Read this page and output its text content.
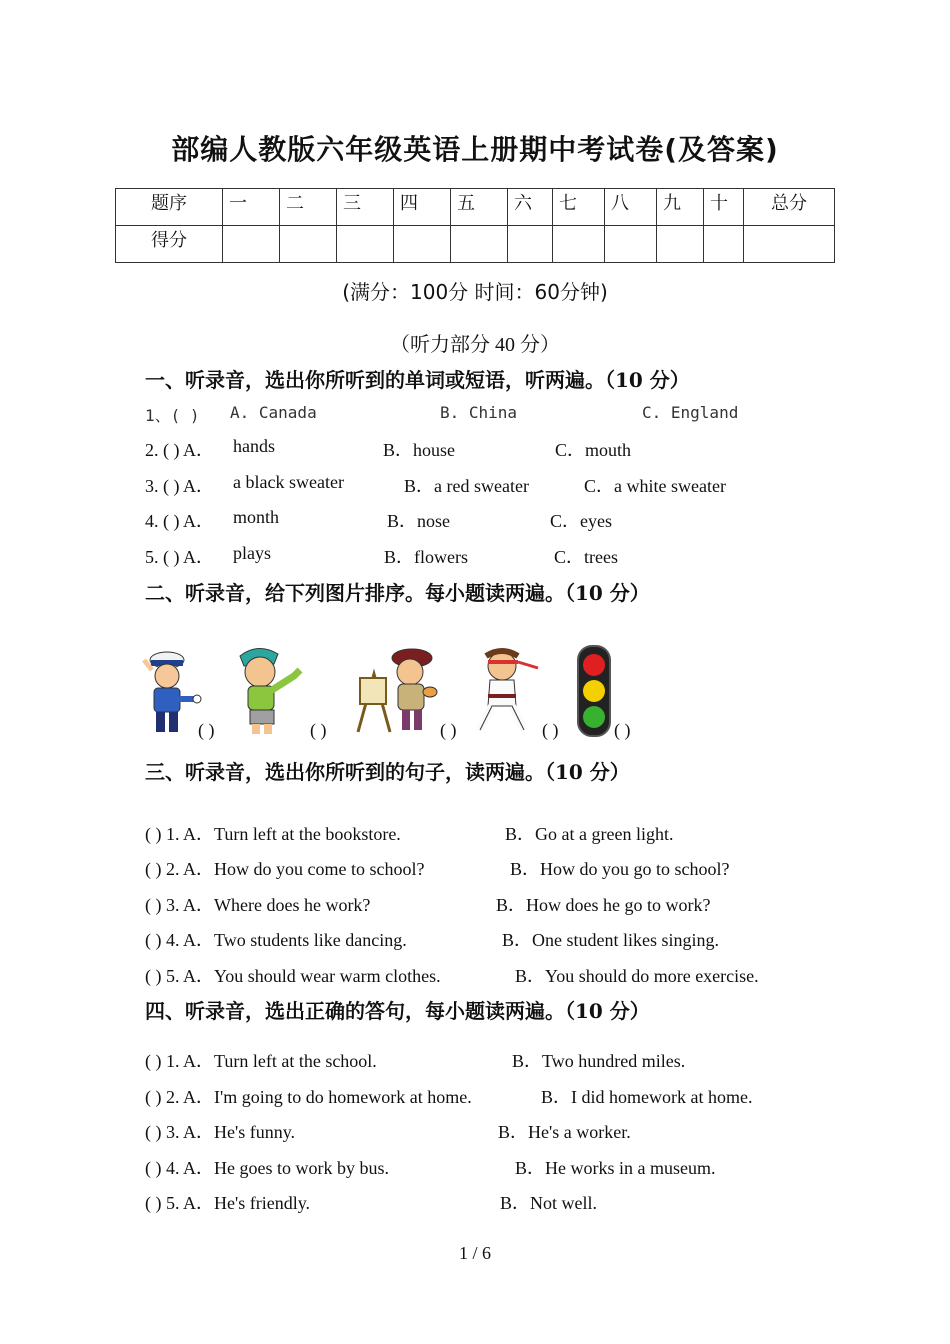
部编人教版六年级英语上册期中考试卷(及答案)
题序	一	二	三	四	五	六	七	八	九	十	总分
得分											
(满分：100分 时间：60分钟)
（听力部分 40 分）
一、听录音，选出你所听到的单词或短语，听两遍。（10 分）
1、( ) A. Canada	B. China	C. England
2. ( ) A． hands	B．house	C．mouth
3. ( ) A． a black sweater	B．a red sweater	C．a white sweater
4. ( ) A． month	B．nose	C．eyes
5. ( ) A． plays	B．flowers	C．trees
二、听录音，给下列图片排序。每小题读两遍。（10 分）
( )	( )	( )	( )	( )
三、听录音，选出你所听到的句子，读两遍。（10 分）
( ) 1. A．Turn left at the bookstore.	B．Go at a green light.
( ) 2. A．How do you come to school?	B．How do you go to school?
( ) 3. A．Where does he work?	B．How does he go to work?
( ) 4. A．Two students like dancing.	B．One student likes singing.
( ) 5. A．You should wear warm clothes.	B．You should do more exercise.
四、听录音，选出正确的答句，每小题读两遍。（10 分）
( ) 1. A．Turn left at the school.	B．Two hundred miles.
( ) 2. A．I'm going to do homework at home.	B．I did homework at home.
( ) 3. A．He's funny.	B．He's a worker.
( ) 4. A．He goes to work by bus.	B．He works in a museum.
( ) 5. A．He's friendly.	B．Not well.
1 / 6
